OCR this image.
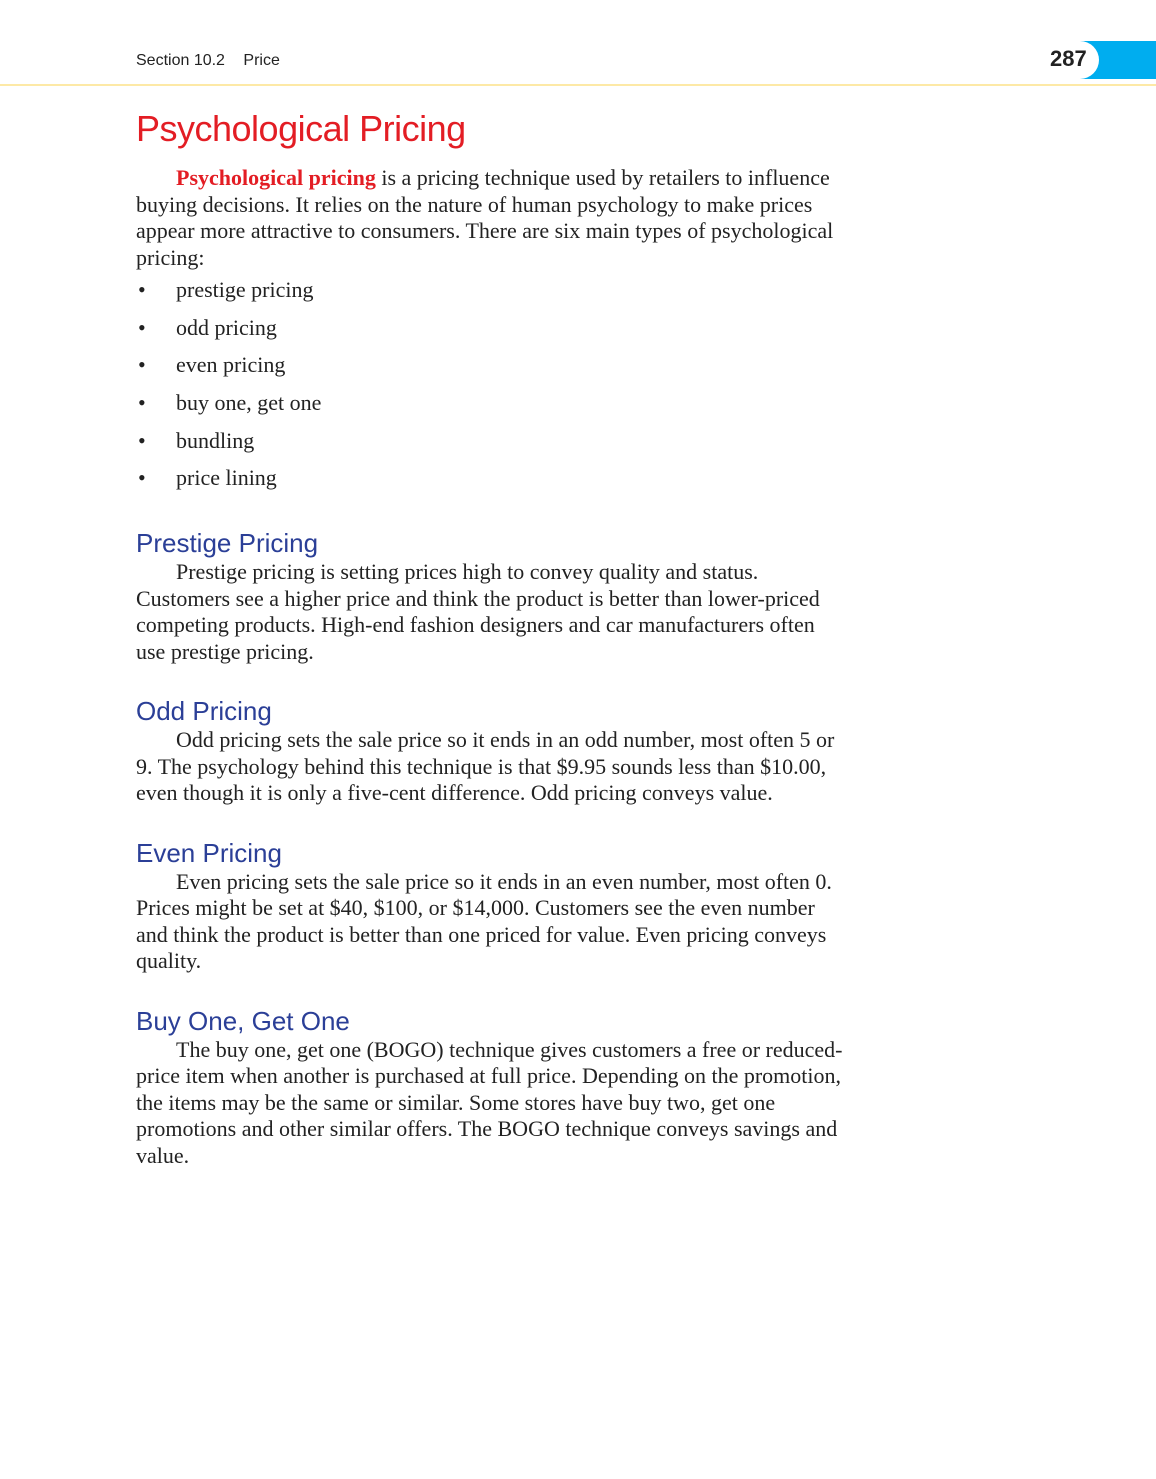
Section 10.2 Price	287
Psychological Pricing

Psychological pricing is a pricing technique used by retailers to influence buying decisions. It relies on the nature of human psychology to make prices appear more attractive to consumers. There are six main types of psychological pricing:

• prestige pricing
• odd pricing
• even pricing
• buy one, get one
• bundling
• price lining
Prestige Pricing

Prestige pricing is setting prices high to convey quality and status. Customers see a higher price and think the product is better than lower-priced competing products. High-end fashion designers and car manufacturers often use prestige pricing.

Odd Pricing

Odd pricing sets the sale price so it ends in an odd number, most often 5 or 9. The psychology behind this technique is that $9.95 sounds less than $10.00, even though it is only a five-cent difference. Odd pricing conveys value.

Even Pricing

Even pricing sets the sale price so it ends in an even number, most often 0. Prices might be set at $40, $100, or $14,000. Customers see the even number and think the product is better than one priced for value. Even pricing conveys quality.

Buy One, Get One

The buy one, get one (BOGO) technique gives customers a free or reduced-price item when another is purchased at full price. Depending on the promotion, the items may be the same or similar. Some stores have buy two, get one promotions and other similar offers. The BOGO technique conveys savings and value.
